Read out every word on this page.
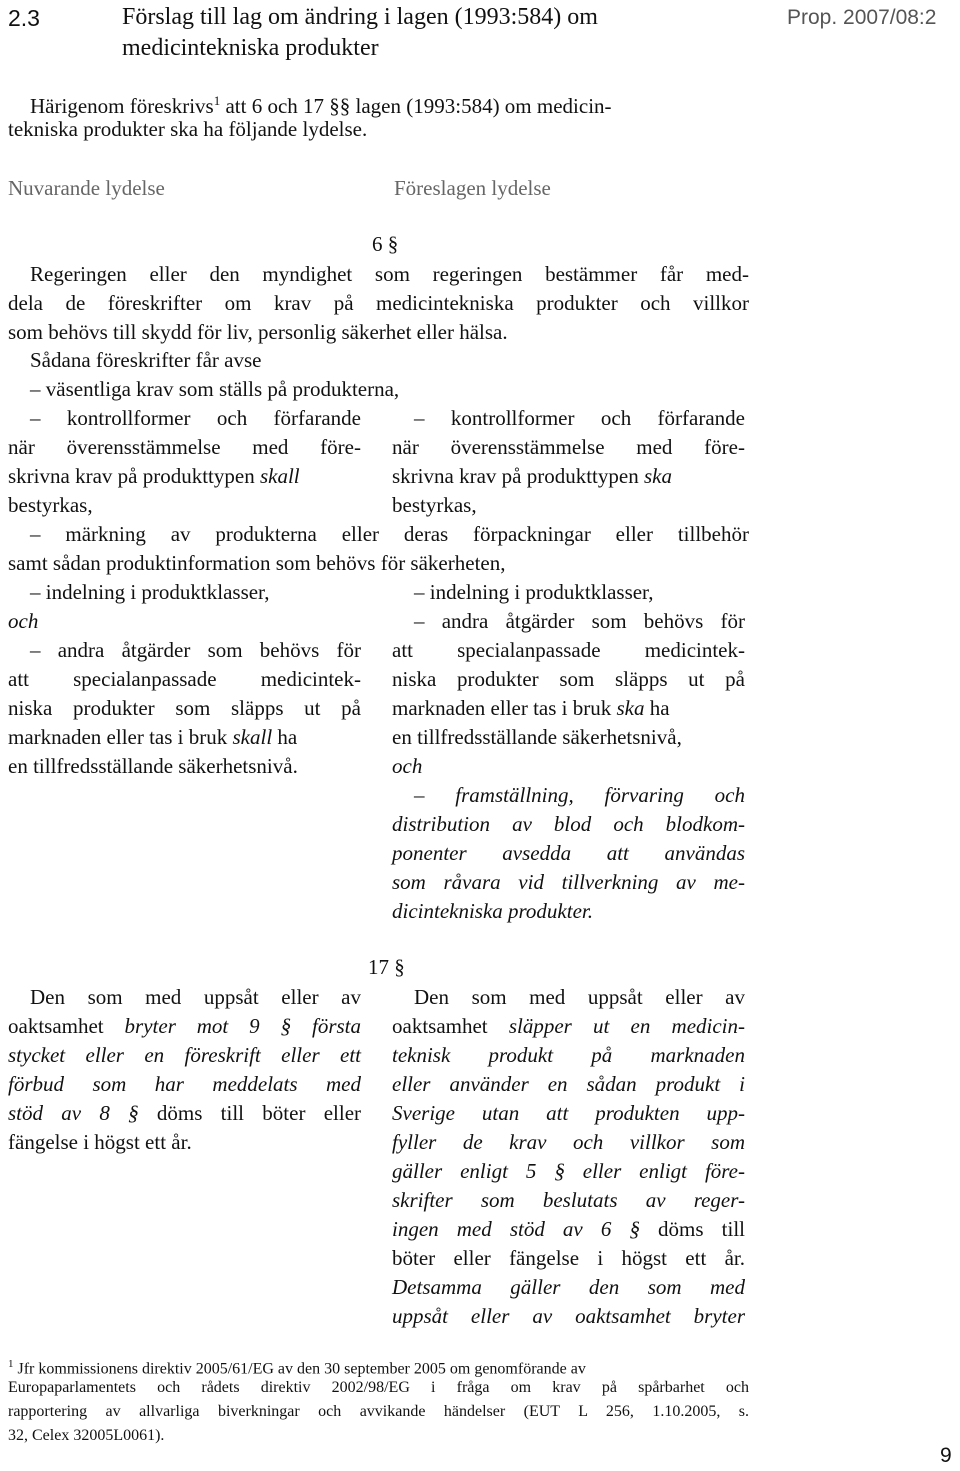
2.3	Förslag till lag om ändring i lagen (1993:584) om
medicintekniska produkter
Prop. 2007/08:2
Härigenom föreskrivs$^1$ att 6 och 17 §§ lagen (1993:584) om medicin-
tekniska produkter ska ha följande lydelse.
Nuvarande lydelse	Föreslagen lydelse
6 §
Regeringen eller den myndighet som regeringen bestämmer får med-
dela de föreskrifter om krav på medicintekniska produkter och villkor
som behövs till skydd för liv, personlig säkerhet eller hälsa.
Sådana föreskrifter får avse
– väsentliga krav som ställs på produkterna,
– kontrollformer och förfarande
när överensstämmelse med före-
skrivna krav på produkttypen skall
bestyrkas,
– kontrollformer och förfarande
när överensstämmelse med före-
skrivna krav på produkttypen ska
bestyrkas,
– märkning av produkterna eller deras förpackningar eller tillbehör
samt sådan produktinformation som behövs för säkerheten,
– indelning i produktklasser,
och
– andra åtgärder som behövs för
att specialanpassade medicintek-
niska produkter som släpps ut på
marknaden eller tas i bruk skall ha
en tillfredsställande säkerhetsnivå.
– indelning i produktklasser,
– andra åtgärder som behövs för
att specialanpassade medicintek-
niska produkter som släpps ut på
marknaden eller tas i bruk ska ha
en tillfredsställande säkerhetsnivå,
och
– framställning, förvaring och
distribution av blod och blodkom-
ponenter avsedda att användas
som råvara vid tillverkning av me-
dicintekniska produkter.
17 §
Den som med uppsåt eller av
oaktsamhet bryter mot 9 § första
stycket eller en föreskrift eller ett
förbud som har meddelats med
stöd av 8 § döms till böter eller
fängelse i högst ett år.
Den som med uppsåt eller av
oaktsamhet släpper ut en medicin-
teknisk produkt på marknaden
eller använder en sådan produkt i
Sverige utan att produkten upp-
fyller de krav och villkor som
gäller enligt 5 § eller enligt före-
skrifter som beslutats av reger-
ingen med stöd av 6 § döms till
böter eller fängelse i högst ett år.
Detsamma gäller den som med
uppsåt eller av oaktsamhet bryter
$^1$ Jfr kommissionens direktiv 2005/61/EG av den 30 september 2005 om genomförande av
Europaparlamentets och rådets direktiv 2002/98/EG i fråga om krav på spårbarhet och
rapportering av allvarliga biverkningar och avvikande händelser (EUT L 256, 1.10.2005, s.
32, Celex 32005L0061).
9
